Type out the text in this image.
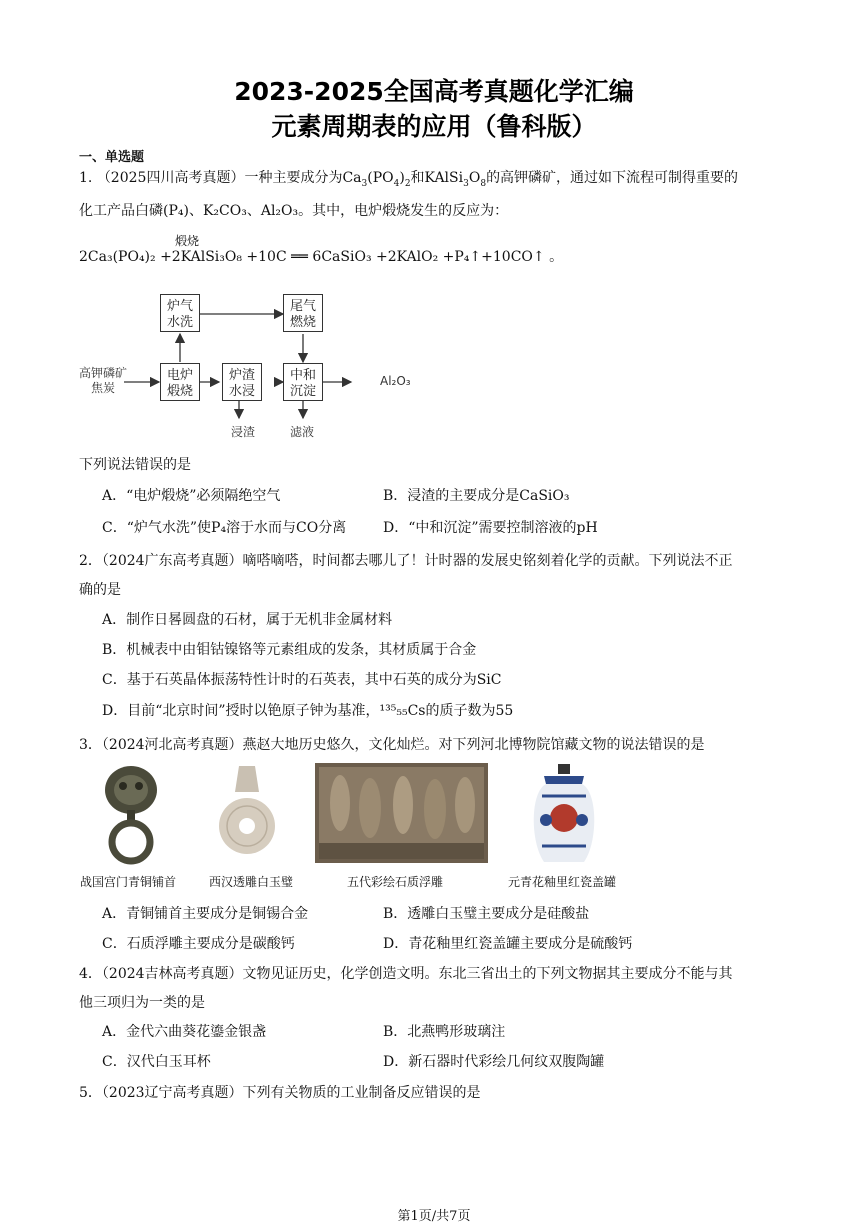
2023-2025全国高考真题化学汇编
元素周期表的应用（鲁科版）
一、单选题
1. （2025四川高考真题）一种主要成分为$Ca_3(PO_4)_2$和$KAlSi_3O_8$的高钾磷矿，通过如下流程可制得重要的
化工产品白磷(P₄)、K₂CO₃、Al₂O₃。其中，电炉煅烧发生的反应为：
煅烧
2Ca₃(PO₄)₂ +2KAlSi₃O₈ +10C ══ 6CaSiO₃ +2KAlO₂ +P₄↑+10CO↑ 。
炉气
水洗
尾气
燃烧
电炉
煅烧
炉渣
水浸
中和
沉淀
高钾磷矿
焦炭	Al₂O₃
浸渣	滤液
下列说法错误的是
A．“电炉煅烧”必须隔绝空气	B．浸渣的主要成分是CaSiO₃
C．“炉气水洗”使P₄溶于水而与CO分离	D．“中和沉淀”需要控制溶液的pH
2．（2024广东高考真题）嘀嗒嘀嗒，时间都去哪儿了！计时器的发展史铭刻着化学的贡献。下列说法不正
确的是
A．制作日晷圆盘的石材，属于无机非金属材料
B．机械表中由钼钴镍铬等元素组成的发条，其材质属于合金
C．基于石英晶体振荡特性计时的石英表，其中石英的成分为SiC
D．目前“北京时间”授时以铯原子钟为基准，¹³⁵₅₅Cs的质子数为55
3．（2024河北高考真题）燕赵大地历史悠久，文化灿烂。对下列河北博物院馆藏文物的说法错误的是
战国宫门青铜铺首	西汉透雕白玉璧	五代彩绘石质浮雕	元青花釉里红瓷盖罐
A．青铜铺首主要成分是铜锡合金	B．透雕白玉璧主要成分是硅酸盐
C．石质浮雕主要成分是碳酸钙	D．青花釉里红瓷盖罐主要成分是硫酸钙
4．（2024吉林高考真题）文物见证历史，化学创造文明。东北三省出土的下列文物据其主要成分不能与其
他三项归为一类的是
A．金代六曲葵花鎏金银盏	B．北燕鸭形玻璃注
C．汉代白玉耳杯	D．新石器时代彩绘几何纹双腹陶罐
5．（2023辽宁高考真题）下列有关物质的工业制备反应错误的是
第1页/共7页
